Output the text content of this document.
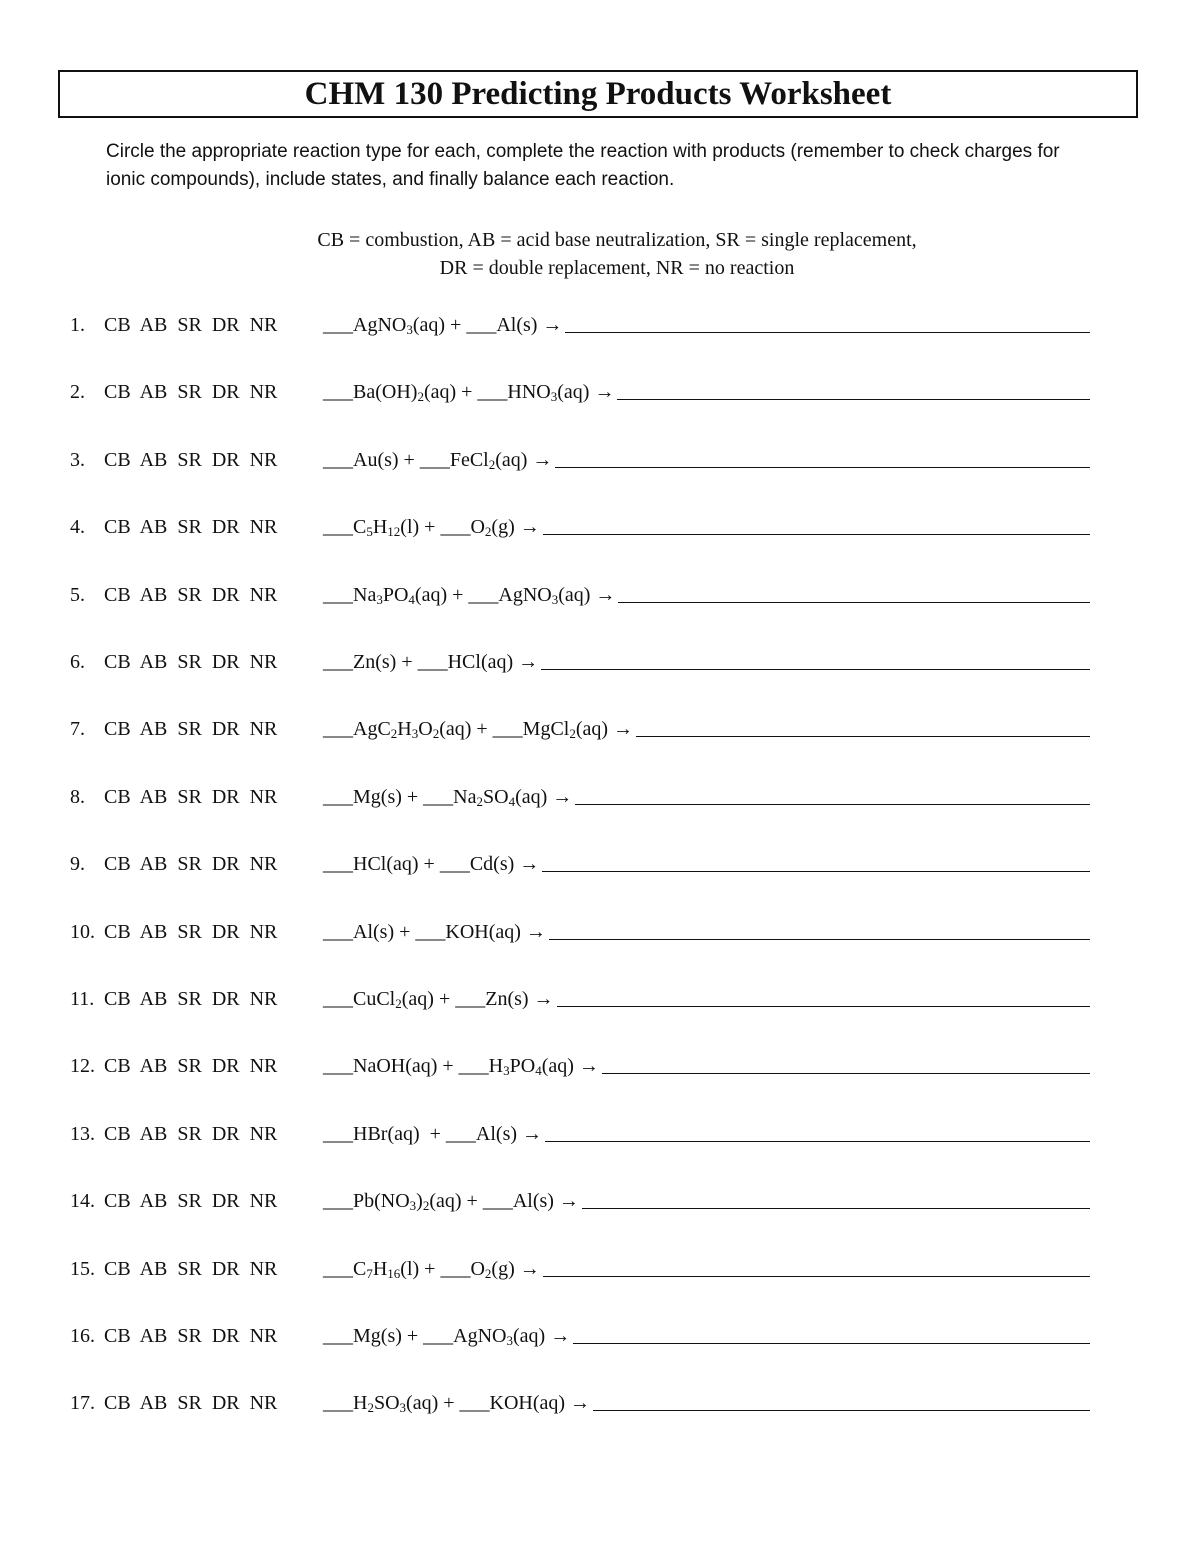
CHM 130 Predicting Products Worksheet
Circle the appropriate reaction type for each, complete the reaction with products (remember to check charges for ionic compounds), include states, and finally balance each reaction.
CB = combustion, AB = acid base neutralization, SR = single replacement,
DR = double replacement, NR = no reaction
1. CB AB SR DR NR ___AgNO$_3$(aq) + ___Al(s) →
2. CB AB SR DR NR $\_\_\_Ba(OH)_2(aq)$ + $\_\_\_HNO_3(aq)$ →
3. CB AB SR DR NR ___Au(s) + ___FeCl$_2$(aq) →
4. CB AB SR DR NR $\_\_\_C_5H_{12}(l)$ + $\_\_\_O_2(g)$ →
5. CB AB SR DR NR $\_\_\_Na_3PO_4(aq)$ + ___AgNO$_3$(aq) →
6. CB AB SR DR NR ___Zn(s) + ___HCl(aq) →
7. CB AB SR DR NR $\_\_\_AgC_2H_3O_2(aq)$ + ___MgCl$_2$(aq) →
8. CB AB SR DR NR ___Mg(s) + $\_\_\_Na_2SO_4(aq)$ →
9. CB AB SR DR NR ___HCl(aq) + ___Cd(s) →
10. CB AB SR DR NR ___Al(s) + ___KOH(aq) →
11. CB AB SR DR NR ___CuCl$_2$(aq) + ___Zn(s) →
12. CB AB SR DR NR ___NaOH(aq) + $\_\_\_H_3PO_4(aq)$ →
13. CB AB SR DR NR ___HBr(aq)  + ___Al(s) →
14. CB AB SR DR NR $\_\_\_Pb(NO_3)_2(aq)$ + ___Al(s) →
15. CB AB SR DR NR $\_\_\_C_7H_{16}(l)$ + $\_\_\_O_2(g)$ →
16. CB AB SR DR NR ___Mg(s) + ___AgNO$_3$(aq) →
17. CB AB SR DR NR $\_\_\_H_2SO_3(aq)$ + ___KOH(aq) →
